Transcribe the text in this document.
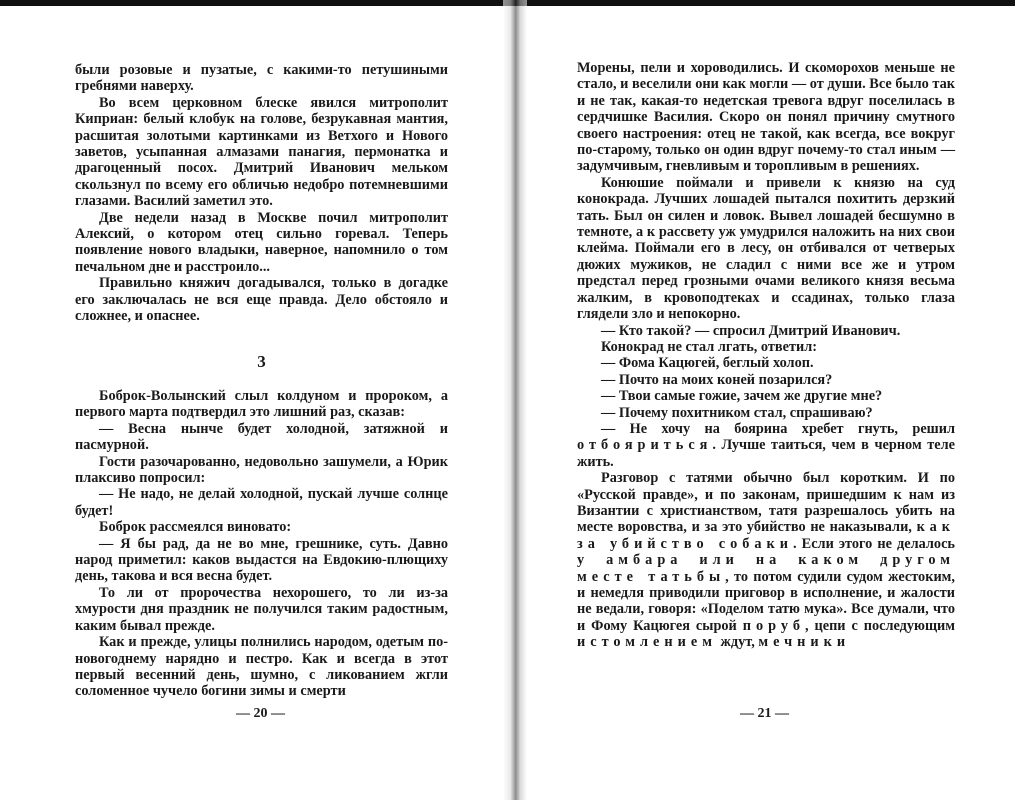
были розовые и пузатые, с какими-то петушиными гребнями наверху.

Во всем церковном блеске явился митрополит Киприан: белый клобук на голове, безрукавная мантия, расшитая золотыми картинками из Ветхого и Нового заветов, усыпанная алмазами панагия, пермонатка и драгоценный посох. Дмитрий Иванович мельком скользнул по всему его обличью недобро потемневшими глазами. Василий заметил это.

Две недели назад в Москве почил митрополит Алексий, о котором отец сильно горевал. Теперь появление нового владыки, наверное, напомнило о том печальном дне и расстроило...

Правильно княжич догадывался, только в догадке его заключалась не вся еще правда. Дело обстояло и сложнее, и опаснее.

3

Боброк-Волынский слыл колдуном и пророком, а первого марта подтвердил это лишний раз, сказав:

— Весна нынче будет холодной, затяжной и пасмурной.

Гости разочарованно, недовольно зашумели, а Юрик плаксиво попросил:

— Не надо, не делай холодной, пускай лучше солнце будет!

Боброк рассмеялся виновато:

— Я бы рад, да не во мне, грешнике, суть. Давно народ приметил: каков выдастся на Евдокию-плющиху день, такова и вся весна будет.

То ли от пророчества нехорошего, то ли из-за хмурости дня праздник не получился таким радостным, каким бывал прежде.

Как и прежде, улицы полнились народом, одетым по-новогоднему нарядно и пестро. Как и всегда в этот первый весенний день, шумно, с ликованием жгли соломенное чучело богини зимы и смерти

— 20 —

Морены, пели и хороводились. И скоморохов меньше не стало, и веселили они как могли — от души. Все было так и не так, какая-то недетская тревога вдруг поселилась в сердчишке Василия. Скоро он понял причину смутного своего настроения: отец не такой, как всегда, все вокруг по-старому, только он один вдруг почему-то стал иным — задумчивым, гневливым и торопливым в решениях.

Конюшие поймали и привели к князю на суд конокрада. Лучших лошадей пытался похитить дерзкий тать. Был он силен и ловок. Вывел лошадей бесшумно в темноте, а к рассвету уж умудрился наложить на них свои клейма. Поймали его в лесу, он отбивался от четверых дюжих мужиков, не сладил с ними все же и утром предстал перед грозными очами великого князя весьма жалким, в кровоподтеках и ссадинах, только глаза глядели зло и непокорно.

— Кто такой? — спросил Дмитрий Иванович.

Конокрад не стал лгать, ответил:

— Фома Кацюгей, беглый холоп.

— Почто на моих коней позарился?

— Твои самые гожие, зачем же другие мне?

— Почему похитником стал, спрашиваю?

— Не хочу на боярина хребет гнуть, решил отбояриться. Лучше таиться, чем в черном теле жить.

Разговор с татями обычно был коротким. И по «Русской правде», и по законам, пришедшим к нам из Византии с христианством, татя разрешалось убить на месте воровства, и за это убийство не наказывали, как за убийство собаки. Если этого не делалось у амбара или на каком другом месте татьбы, то потом судили судом жестоким, и немедля приводили приговор в исполнение, и жалости не ведали, говоря: «Поделом татю мука». Все думали, что и Фому Кацюгея сырой поруб, цепи с последующим истомлением ждут, мечники

— 21 —
